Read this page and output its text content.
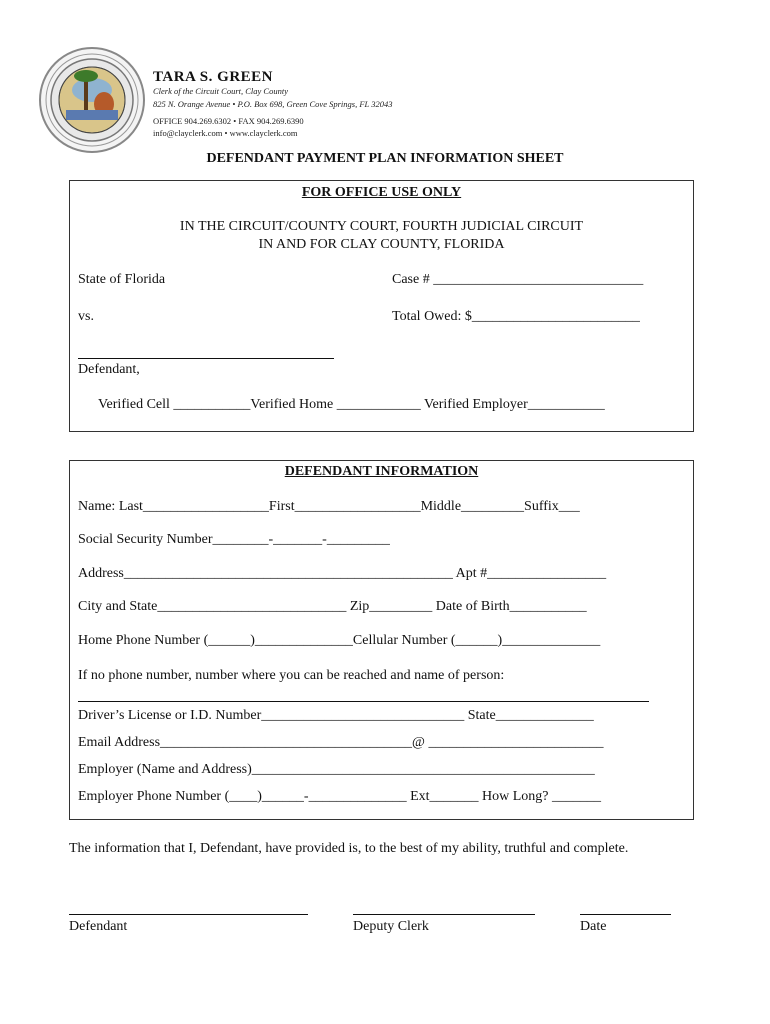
TARA S. GREEN
Clerk of the Circuit Court, Clay County
825 N. Orange Avenue • P.O. Box 698, Green Cove Springs, FL 32043
OFFICE 904.269.6302 • FAX 904.269.6390
info@clayclerk.com • www.clayclerk.com
DEFENDANT PAYMENT PLAN INFORMATION SHEET
FOR OFFICE USE ONLY
IN THE CIRCUIT/COUNTY COURT, FOURTH JUDICIAL CIRCUIT
IN AND FOR CLAY COUNTY, FLORIDA
State of Florida	Case # ______________________________
vs.	Total Owed: $________________________
Defendant,
Verified Cell ___________Verified Home ____________ Verified Employer___________
DEFENDANT INFORMATION
Name: Last__________________First__________________Middle_________Suffix___
Social Security Number________-_______-_________
Address_______________________________________________ Apt #_________________
City and State___________________________ Zip_________ Date of Birth___________
Home Phone Number (______)______________Cellular Number (______)______________
If no phone number, number where you can be reached and name of person:
Driver’s License or I.D. Number_____________________________ State______________
Email Address____________________________________@ _________________________
Employer (Name and Address)_________________________________________________
Employer Phone Number (____)______-______________ Ext_______ How Long? _______
The information that I, Defendant, have provided is, to the best of my ability, truthful and complete.
Defendant	Deputy Clerk	Date
